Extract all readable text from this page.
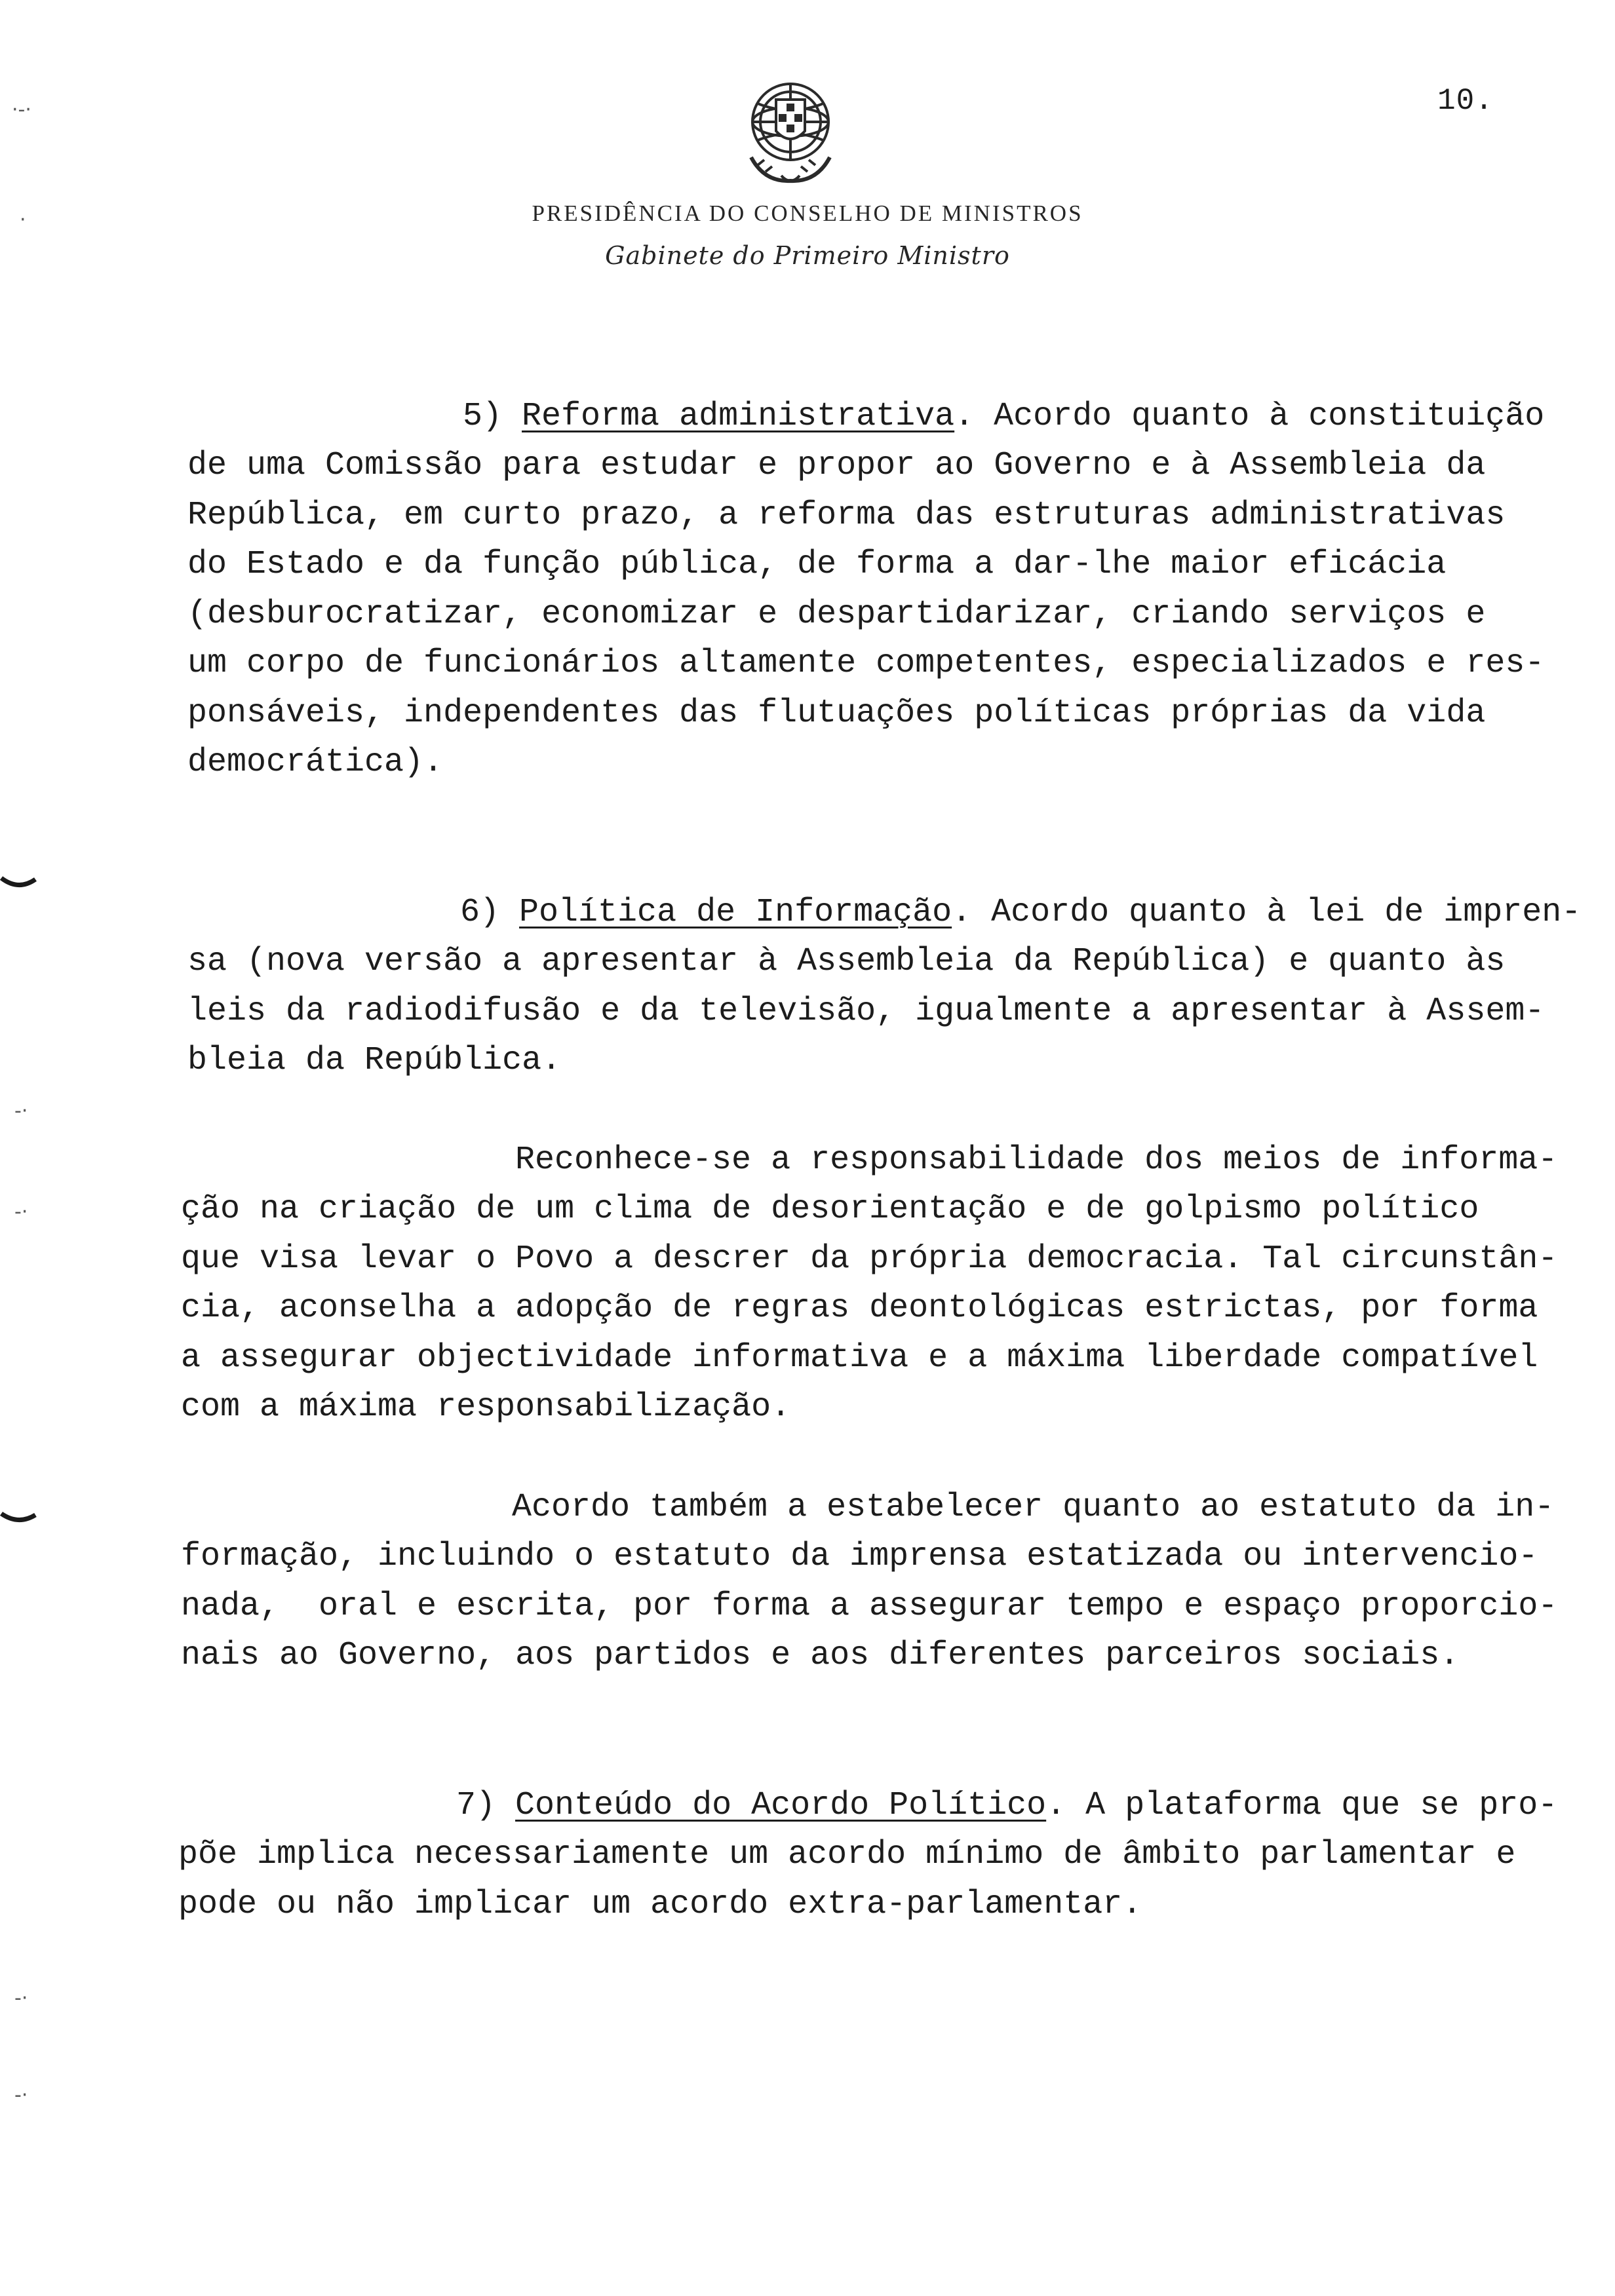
10.
PRESIDÊNCIA DO CONSELHO DE MINISTROS
Gabinete do Primeiro Ministro

5) Reforma administrativa. Acordo quanto à constituição

de uma Comissão para estudar e propor ao Governo e à Assembleia da

República, em curto prazo, a reforma das estruturas administrativas

do Estado e da função pública, de forma a dar-lhe maior eficácia

(desburocratizar, economizar e despartidarizar, criando serviços e

um corpo de funcionários altamente competentes, especializados e res-

ponsáveis, independentes das flutuações políticas próprias da vida

democrática).

6) Política de Informação. Acordo quanto à lei de impren-

sa (nova versão a apresentar à Assembleia da República) e quanto às

leis da radiodifusão e da televisão, igualmente a apresentar à Assem-

bleia da República.

Reconhece-se a responsabilidade dos meios de informa-

ção na criação de um clima de desorientação e de golpismo político

que visa levar o Povo a descrer da própria democracia. Tal circunstân-

cia, aconselha a adopção de regras deontológicas estrictas, por forma

a assegurar objectividade informativa e a máxima liberdade compatível

com a máxima responsabilização.

Acordo também a estabelecer quanto ao estatuto da in-

formação, incluindo o estatuto da imprensa estatizada ou intervencio-

nada,  oral e escrita, por forma a assegurar tempo e espaço proporcio-

nais ao Governo, aos partidos e aos diferentes parceiros sociais.

7) Conteúdo do Acordo Político. A plataforma que se pro-

põe implica necessariamente um acordo mínimo de âmbito parlamentar e

pode ou não implicar um acordo extra-parlamentar.

·-·
·
-·
-·
-·
-·
